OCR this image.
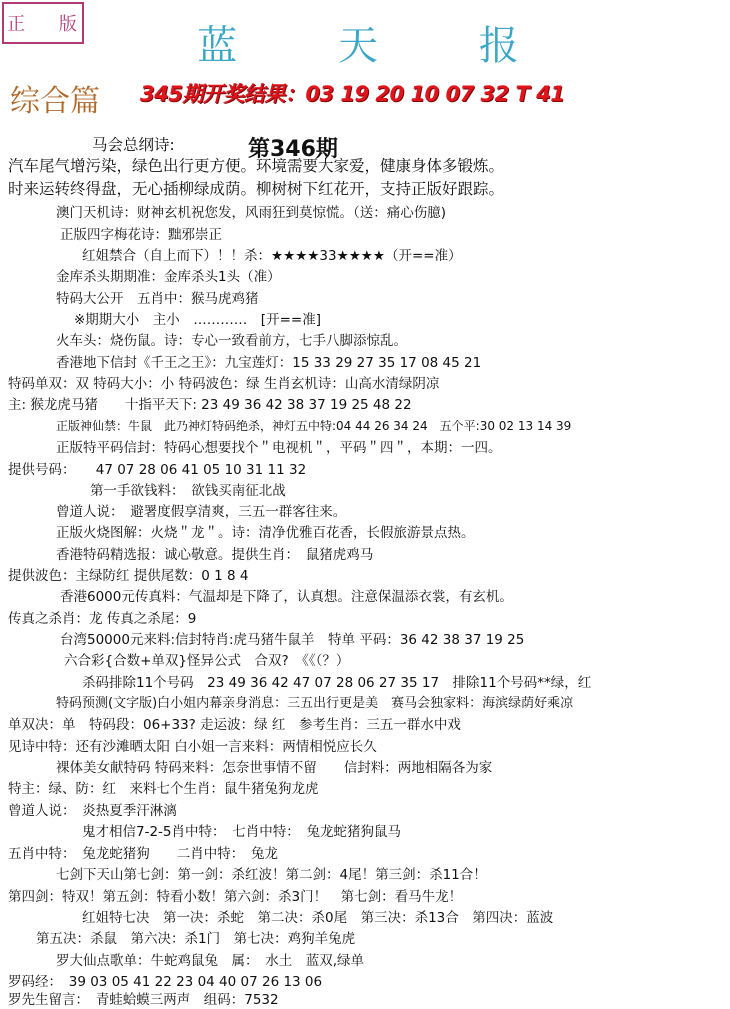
正 版	蓝 天 报
综合篇 345期开奖结果：03 19 20 10 07 32 T 41
第346期
马会总纲诗:
汽车尾气增污染，绿色出行更方便。环境需要大家爱，健康身体多锻炼。
时来运转终得盘，无心插柳绿成荫。柳树树下红花开，支持正版好跟踪。
澳门天机诗：财神玄机祝您发，风雨狂到莫惊慌。（送：痛心伤臆)
正版四字梅花诗：黜邪崇正
红姐禁合（自上而下）！！杀：★★★★33★★★★（开==准）
金库杀头期期准：金库杀头1头（准）
特码大公开　五肖中：猴马虎鸡猪
※期期大小　主小　…………　[开==准]
火车头：烧伤鼠。诗：专心一致看前方，七手八脚添惊乱。
香港地下信封《千王之王》：九宝莲灯：15 33 29 27 35 17 08 45 21
特码单双：双 特码大小：小 特码波色：绿 生肖玄机诗：山高水清绿阴凉
主: 猴龙虎马猪　　十指平天下: 23 49 36 42 38 37 19 25 48 22
正版神仙禁：牛鼠　此乃神灯特码绝杀，神灯五中特:04 44 26 34 24　五个平:30 02 13 14 39
正版特平码信封：特码心想要找个＂电视机＂，平码＂四＂，本期：一四。
提供号码：　　47 07 28 06 41 05 10 31 11 32
第一手欲钱料：　欲钱买南征北战
曾道人说：　避署度假享清爽，三五一群客往来。
正版火烧图解：火烧＂龙＂。诗：清净优雅百花香，长假旅游景点热。
香港特码精选报：诚心敬意。提供生肖：　鼠猪虎鸡马
提供波色：主绿防红 提供尾数：0 1 8 4
香港6000元传真料：气温却是下降了，认真想。注意保温添衣裳，有玄机。
传真之杀肖：龙 传真之杀尾：9
台湾50000元来料:信封特肖:虎马猪牛鼠羊　特单 平码：36 42 38 37 19 25
六合彩{合数+单双}怪异公式　合双?　《《（？）
杀码排除11个号码　23 49 36 42 47 07 28 06 27 35 17　排除11个号码**绿，红
特码预测(文字版)白小姐内幕亲身消息：三五出行更是美　赛马会独家料：海滨绿荫好乘凉
单双决：单　特码段：06+33? 走运波：绿 红　参考生肖：三五一群水中戏
见诗中特：还有沙滩晒太阳 白小姐一言来料：两情相悦应长久
裸体美女献特码 特码来料：怎奈世事情不留　　信封料：两地相隔各为家
特主：绿、防：红　来料七个生肖：鼠牛猪兔狗龙虎
曾道人说：　炎热夏季汗淋漓
鬼才相信7-2-5肖中特：　七肖中特：　兔龙蛇猪狗鼠马
五肖中特：　兔龙蛇猪狗　　二肖中特：　兔龙
七剑下天山第七剑：第一剑：杀红波！第二剑：4尾！第三剑：杀11合！
第四剑：特双！第五剑：特看小数！第六剑：杀3门！　第七剑：看马牛龙！
红姐特七决　第一决：杀蛇　第二决：杀0尾　第三决：杀13合　第四决：蓝波
第五决：杀鼠　第六决：杀1门　第七决：鸡狗羊兔虎
罗大仙点歌单：牛蛇鸡鼠兔　属：　水土　蓝双,绿单
罗码经：　39 03 05 41 22 23 04 40 07 26 13 06
罗先生留言：　青蛙蛤蟆三两声　组码：7532
